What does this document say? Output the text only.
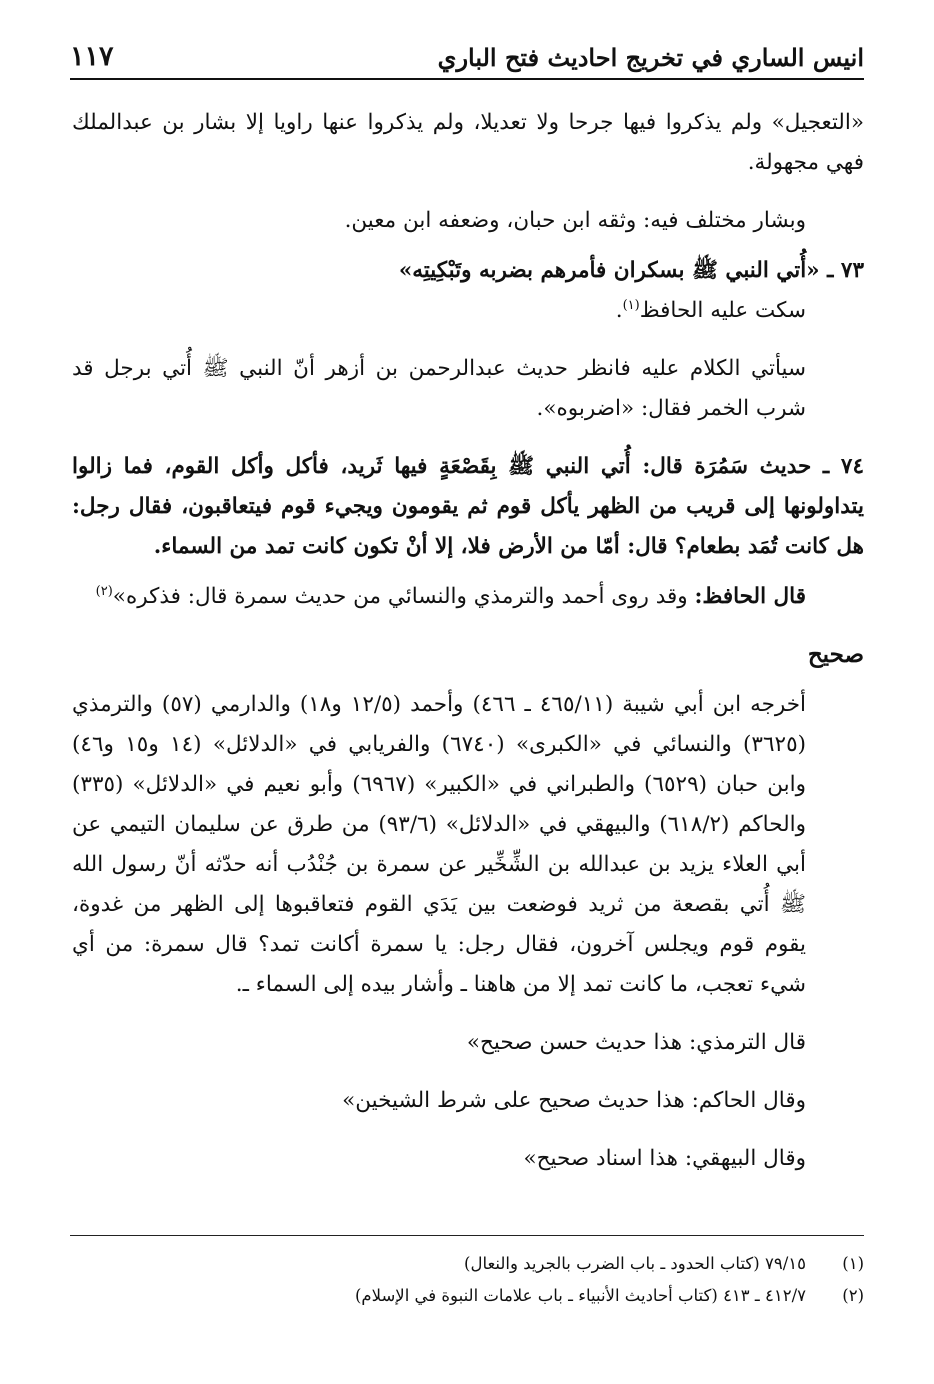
انيس الساري في تخريج احاديث فتح الباري
١١٧

«التعجيل» ولم يذكروا فيها جرحا ولا تعديلا، ولم يذكروا عنها راويا إلا بشار بن عبدالملك فهي مجهولة.

وبشار مختلف فيه: وثقه ابن حبان، وضعفه ابن معين.

٧٣ ـ «أُتي النبي ﷺ بسكران فأمرهم بضربه وتَبْكِيتِه»

سكت عليه الحافظ$^{(١)}$.

سيأتي الكلام عليه فانظر حديث عبدالرحمن بن أزهر أنّ النبي ﷺ أُتي برجل قد شرب الخمر فقال: «اضربوه».

٧٤ ـ حديث سَمُرَة قال: أُتي النبي ﷺ بِقَصْعَةٍ فيها ثَريد، فأكل وأكل القوم، فما زالوا يتداولونها إلى قريب من الظهر يأكل قوم ثم يقومون ويجيء قوم فيتعاقبون، فقال رجل: هل كانت تُمَد بطعام؟ قال: أمّا من الأرض فلا، إلا أنْ تكون كانت تمد من السماء.

قال الحافظ: وقد روى أحمد والترمذي والنسائي من حديث سمرة قال: فذكره»$^{(٢)}$

صحيح

أخرجه ابن أبي شيبة (٤٦٥/١١ ـ ٤٦٦) وأحمد (١٢/٥ و١٨) والدارمي (٥٧) والترمذي (٣٦٢٥) والنسائي في «الكبرى» (٦٧٤٠) والفريابي في «الدلائل» (١٤ و١٥ و٤٦) وابن حبان (٦٥٢٩) والطبراني في «الكبير» (٦٩٦٧) وأبو نعيم في «الدلائل» (٣٣٥) والحاكم (٦١٨/٢) والبيهقي في «الدلائل» (٩٣/٦) من طرق عن سليمان التيمي عن أبي العلاء يزيد بن عبدالله بن الشِّخِّير عن سمرة بن جُنْدُب أنه حدّثه أنّ رسول الله ﷺ أُتي بقصعة من ثريد فوضعت بين يَدَي القوم فتعاقبوها إلى الظهر من غدوة، يقوم قوم ويجلس آخرون، فقال رجل: يا سمرة أكانت تمد؟ قال سمرة: من أي شيء تعجب، ما كانت تمد إلا من هاهنا ـ وأشار بيده إلى السماء ـ.

قال الترمذي: هذا حديث حسن صحيح»

وقال الحاكم: هذا حديث صحيح على شرط الشيخين»

وقال البيهقي: هذا اسناد صحيح»

(١)
٧٩/١٥ (كتاب الحدود ـ باب الضرب بالجريد والنعال)
(٢)
٤١٢/٧ ـ ٤١٣ (كتاب أحاديث الأنبياء ـ باب علامات النبوة في الإسلام)
